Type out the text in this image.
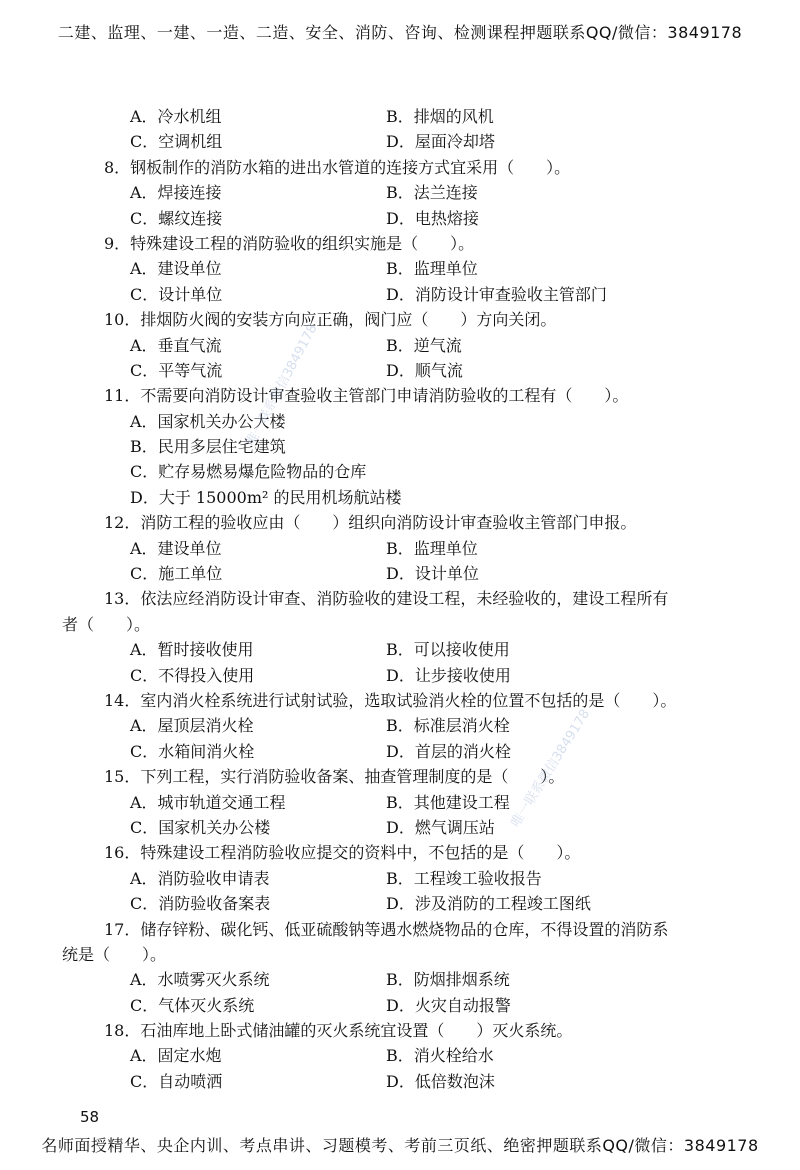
二建、监理、一建、一造、二造、安全、消防、咨询、检测课程押题联系QQ/微信：3849178
A．冷水机组	B．排烟的风机
C．空调机组	D．屋面冷却塔
8．钢板制作的消防水箱的进出水管道的连接方式宜采用（　　）。
A．焊接连接	B．法兰连接
C．螺纹连接	D．电热熔接
9．特殊建设工程的消防验收的组织实施是（　　）。
A．建设单位	B．监理单位
C．设计单位	D．消防设计审查验收主管部门
10．排烟防火阀的安装方向应正确，阀门应（　　）方向关闭。
A．垂直气流	B．逆气流
C．平等气流	D．顺气流
11．不需要向消防设计审查验收主管部门申请消防验收的工程有（　　）。
A．国家机关办公大楼
B．民用多层住宅建筑
C．贮存易燃易爆危险物品的仓库
D．大于 15000m² 的民用机场航站楼
12．消防工程的验收应由（　　）组织向消防设计审查验收主管部门申报。
A．建设单位	B．监理单位
C．施工单位	D．设计单位
13．依法应经消防设计审查、消防验收的建设工程，未经验收的，建设工程所有
者（　　）。
A．暂时接收使用	B．可以接收使用
C．不得投入使用	D．让步接收使用
14．室内消火栓系统进行试射试验，选取试验消火栓的位置不包括的是（　　）。
A．屋顶层消火栓	B．标准层消火栓
C．水箱间消火栓	D．首层的消火栓
15．下列工程，实行消防验收备案、抽查管理制度的是（　　）。
A．城市轨道交通工程	B．其他建设工程
C．国家机关办公楼	D．燃气调压站
16．特殊建设工程消防验收应提交的资料中，不包括的是（　　）。
A．消防验收申请表	B．工程竣工验收报告
C．消防验收备案表	D．涉及消防的工程竣工图纸
17．储存锌粉、碳化钙、低亚硫酸钠等遇水燃烧物品的仓库，不得设置的消防系
统是（　　）。
A．水喷雾灭火系统	B．防烟排烟系统
C．气体灭火系统	D．火灾自动报警
18．石油库地上卧式储油罐的灭火系统宜设置（　　）灭火系统。
A．固定水炮	B．消火栓给水
C．自动喷洒	D．低倍数泡沫
唯一联系微信3849178
唯一联系微信3849178
58
名师面授精华、央企内训、考点串讲、习题模考、考前三页纸、绝密押题联系QQ/微信：3849178
